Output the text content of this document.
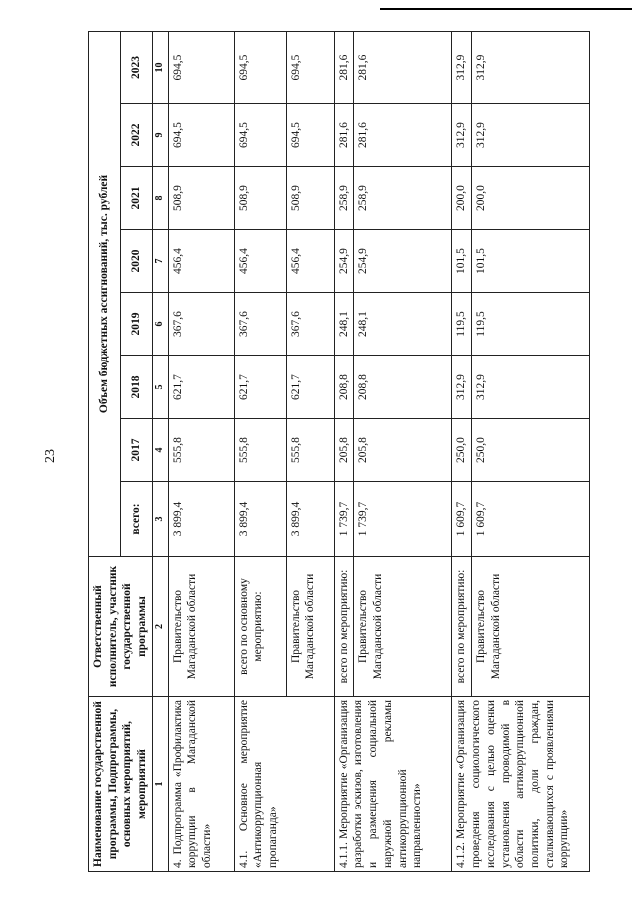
23
Наименование государственной программы, Подпрограммы, основных мероприятий, мероприятий	Ответственный исполнитель, участник государственной программы	Объем бюджетных ассигнований, тыс. рублей							
		всего:	2017	2018	2019	2020	2021	2022	2023
1	2	3	4	5	6	7	8	9	10
4. Подпрограмма «Профилактика коррупции в Магаданской области»	Правительство Магаданской области	3 899,4	555,8	621,7	367,6	456,4	508,9	694,5	694,5
4.1. Основное мероприятие «Антикоррупционная пропаганда»	всего по основному мероприятию:	3 899,4	555,8	621,7	367,6	456,4	508,9	694,5	694,5
	Правительство Магаданской области	3 899,4	555,8	621,7	367,6	456,4	508,9	694,5	694,5
4.1.1. Мероприятие «Организация разработки эскизов, изготовления и размещения социальной наружной рекламы антикоррупционной направленности»	всего по мероприятию:	1 739,7	205,8	208,8	248,1	254,9	258,9	281,6	281,6
	Правительство Магаданской области	1 739,7	205,8	208,8	248,1	254,9	258,9	281,6	281,6
4.1.2. Мероприятие «Организация проведения социологического исследования с целью оценки установления проводимой в области антикоррупционной политики, доли граждан, сталкивающихся с проявлениями коррупции»	всего по мероприятию:	1 609,7	250,0	312,9	119,5	101,5	200,0	312,9	312,9
	Правительство Магаданской области	1 609,7	250,0	312,9	119,5	101,5	200,0	312,9	312,9
